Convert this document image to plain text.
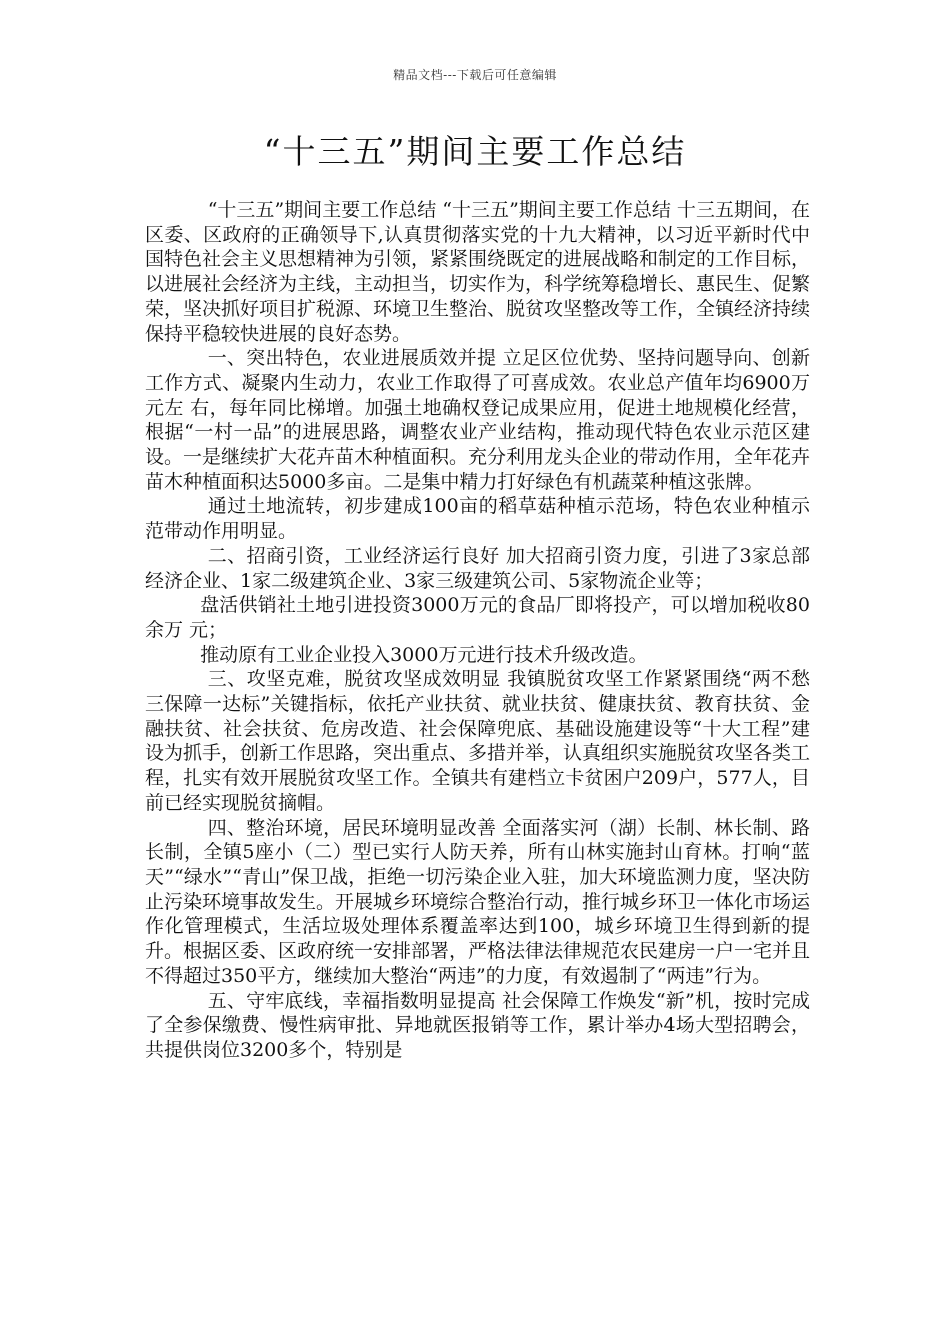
精品文档---下载后可任意编辑
“十三五”期间主要工作总结

“十三五”期间主要工作总结 “十三五”期间主要工作总结 十三五期间，在区委、区政府的正确领导下,认真贯彻落实党的十九大精神，以习近平新时代中国特色社会主义思想精神为引领，紧紧围绕既定的进展战略和制定的工作目标，以进展社会经济为主线，主动担当，切实作为，科学统筹稳增长、惠民生、促繁荣，坚决抓好项目扩税源、环境卫生整治、脱贫攻坚整改等工作，全镇经济持续保持平稳较快进展的良好态势。

一、突出特色，农业进展质效并提 立足区位优势、坚持问题导向、创新工作方式、凝聚内生动力，农业工作取得了可喜成效。农业总产值年均6900万元左 右，每年同比梯增。加强土地确权登记成果应用，促进土地规模化经营，根据“一村一品”的进展思路，调整农业产业结构，推动现代特色农业示范区建设。一是继续扩大花卉苗木种植面积。充分利用龙头企业的带动作用，全年花卉苗木种植面积达5000多亩。二是集中精力打好绿色有机蔬菜种植这张牌。

通过土地流转，初步建成100亩的稻草菇种植示范场，特色农业种植示范带动作用明显。

二、招商引资，工业经济运行良好 加大招商引资力度，引进了3家总部经济企业、1家二级建筑企业、3家三级建筑公司、5家物流企业等；

盘活供销社土地引进投资3000万元的食品厂即将投产，可以增加税收80余万 元；

推动原有工业企业投入3000万元进行技术升级改造。

三、攻坚克难，脱贫攻坚成效明显 我镇脱贫攻坚工作紧紧围绕“两不愁三保障一达标”关键指标，依托产业扶贫、就业扶贫、健康扶贫、教育扶贫、金融扶贫、社会扶贫、危房改造、社会保障兜底、基础设施建设等“十大工程”建设为抓手，创新工作思路，突出重点、多措并举，认真组织实施脱贫攻坚各类工程，扎实有效开展脱贫攻坚工作。全镇共有建档立卡贫困户209户，577人，目前已经实现脱贫摘帽。

四、整治环境，居民环境明显改善 全面落实河（湖）长制、林长制、路长制，全镇5座小（二）型已实行人防天养，所有山林实施封山育林。打响“蓝天”“绿水”“青山”保卫战，拒绝一切污染企业入驻，加大环境监测力度，坚决防止污染环境事故发生。开展城乡环境综合整治行动，推行城乡环卫一体化市场运作化管理模式，生活垃圾处理体系覆盖率达到100，城乡环境卫生得到新的提升。根据区委、区政府统一安排部署，严格法律法律规范农民建房一户一宅并且不得超过350平方，继续加大整治“两违”的力度，有效遏制了“两违”行为。

五、守牢底线，幸福指数明显提高 社会保障工作焕发“新”机，按时完成了全参保缴费、慢性病审批、异地就医报销等工作，累计举办4场大型招聘会， 共提供岗位3200多个，特别是
